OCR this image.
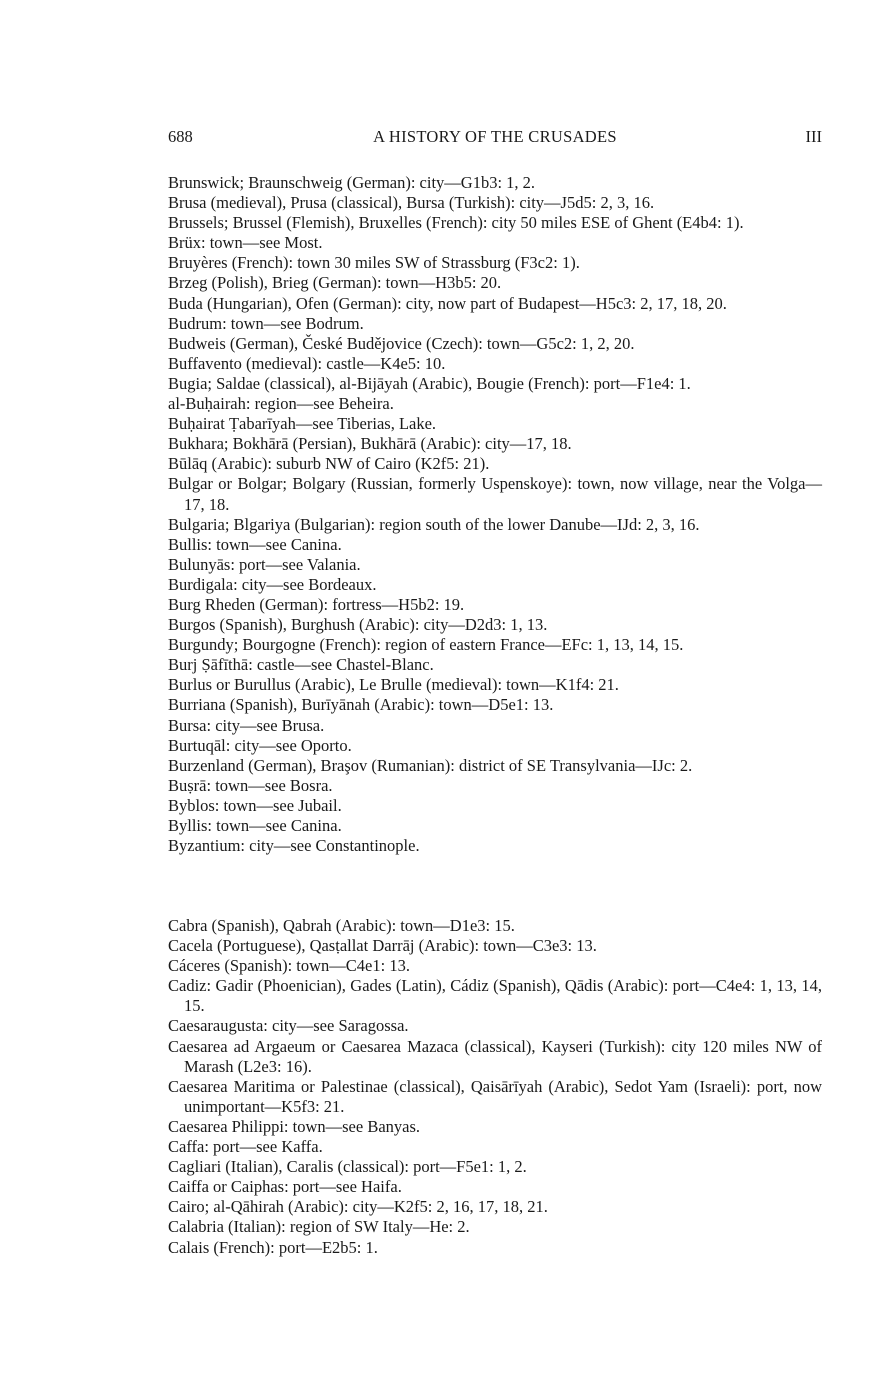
688	A HISTORY OF THE CRUSADES	III

Brunswick; Braunschweig (German): city—G1b3: 1, 2.

Brusa (medieval), Prusa (classical), Bursa (Turkish): city—J5d5: 2, 3, 16.

Brussels; Brussel (Flemish), Bruxelles (French): city 50 miles ESE of Ghent (E4b4: 1).

Brüx: town—see Most.

Bruyères (French): town 30 miles SW of Strassburg (F3c2: 1).

Brzeg (Polish), Brieg (German): town—H3b5: 20.

Buda (Hungarian), Ofen (German): city, now part of Budapest—H5c3: 2, 17, 18, 20.

Budrum: town—see Bodrum.

Budweis (German), České Budějovice (Czech): town—G5c2: 1, 2, 20.

Buffavento (medieval): castle—K4e5: 10.

Bugia; Saldae (classical), al-Bijāyah (Arabic), Bougie (French): port—F1e4: 1.

al-Buḥairah: region—see Beheira.

Buḥairat Ṭabarīyah—see Tiberias, Lake.

Bukhara; Bokhārā (Persian), Bukhārā (Arabic): city—17, 18.

Būlāq (Arabic): suburb NW of Cairo (K2f5: 21).

Bulgar or Bolgar; Bolgary (Russian, formerly Uspenskoye): town, now village, near the Volga—17, 18.

Bulgaria; Blgariya (Bulgarian): region south of the lower Danube—IJd: 2, 3, 16.

Bullis: town—see Canina.

Bulunyās: port—see Valania.

Burdigala: city—see Bordeaux.

Burg Rheden (German): fortress—H5b2: 19.

Burgos (Spanish), Burghush (Arabic): city—D2d3: 1, 13.

Burgundy; Bourgogne (French): region of eastern France—EFc: 1, 13, 14, 15.

Burj Ṣāfīthā: castle—see Chastel-Blanc.

Burlus or Burullus (Arabic), Le Brulle (medieval): town—K1f4: 21.

Burriana (Spanish), Burīyānah (Arabic): town—D5e1: 13.

Bursa: city—see Brusa.

Burtuqāl: city—see Oporto.

Burzenland (German), Braşov (Rumanian): district of SE Transylvania—IJc: 2.

Buṣrā: town—see Bosra.

Byblos: town—see Jubail.

Byllis: town—see Canina.

Byzantium: city—see Constantinople.

Cabra (Spanish), Qabrah (Arabic): town—D1e3: 15.

Cacela (Portuguese), Qasṭallat Darrāj (Arabic): town—C3e3: 13.

Cáceres (Spanish): town—C4e1: 13.

Cadiz: Gadir (Phoenician), Gades (Latin), Cádiz (Spanish), Qādis (Arabic): port—C4e4: 1, 13, 14, 15.

Caesaraugusta: city—see Saragossa.

Caesarea ad Argaeum or Caesarea Mazaca (classical), Kayseri (Turkish): city 120 miles NW of Marash (L2e3: 16).

Caesarea Maritima or Palestinae (classical), Qaisārīyah (Arabic), Sedot Yam (Israeli): port, now unimportant—K5f3: 21.

Caesarea Philippi: town—see Banyas.

Caffa: port—see Kaffa.

Cagliari (Italian), Caralis (classical): port—F5e1: 1, 2.

Caiffa or Caiphas: port—see Haifa.

Cairo; al-Qāhirah (Arabic): city—K2f5: 2, 16, 17, 18, 21.

Calabria (Italian): region of SW Italy—He: 2.

Calais (French): port—E2b5: 1.
